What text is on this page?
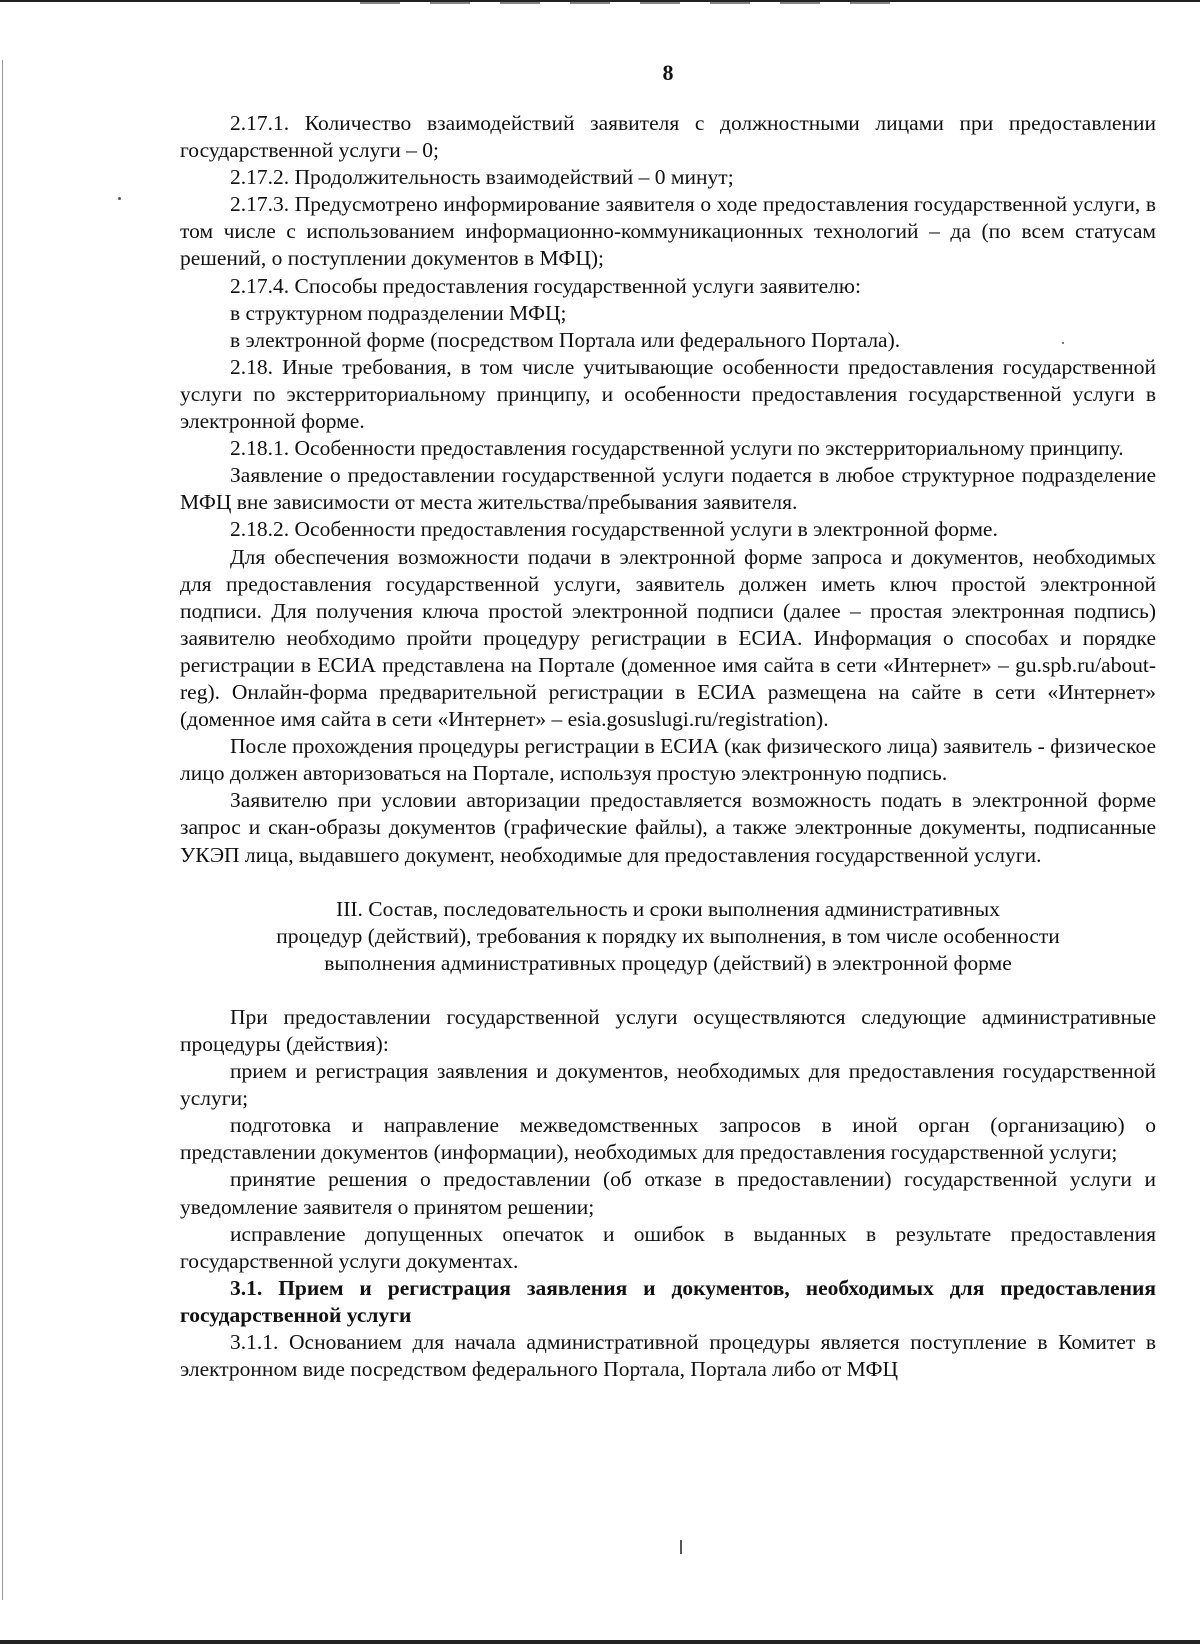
8

2.17.1. Количество взаимодействий заявителя с должностными лицами при предоставлении государственной услуги – 0;

2.17.2. Продолжительность взаимодействий – 0 минут;

2.17.3. Предусмотрено информирование заявителя о ходе предоставления государственной услуги, в том числе с использованием информационно-коммуникационных технологий – да (по всем статусам решений, о поступлении документов в МФЦ);

2.17.4. Способы предоставления государственной услуги заявителю:

в структурном подразделении МФЦ;

в электронной форме (посредством Портала или федерального Портала).

2.18. Иные требования, в том числе учитывающие особенности предоставления государственной услуги по экстерриториальному принципу, и особенности предоставления государственной услуги в электронной форме.

2.18.1. Особенности предоставления государственной услуги по экстерриториальному принципу.

Заявление о предоставлении государственной услуги подается в любое структурное подразделение МФЦ вне зависимости от места жительства/пребывания заявителя.

2.18.2. Особенности предоставления государственной услуги в электронной форме.

Для обеспечения возможности подачи в электронной форме запроса и документов, необходимых для предоставления государственной услуги, заявитель должен иметь ключ простой электронной подписи. Для получения ключа простой электронной подписи (далее – простая электронная подпись) заявителю необходимо пройти процедуру регистрации в ЕСИА. Информация о способах и порядке регистрации в ЕСИА представлена на Портале (доменное имя сайта в сети «Интернет» – gu.spb.ru/about-reg). Онлайн-форма предварительной регистрации в ЕСИА размещена на сайте в сети «Интернет» (доменное имя сайта в сети «Интернет» – esia.gosuslugi.ru/registration).

После прохождения процедуры регистрации в ЕСИА (как физического лица) заявитель - физическое лицо должен авторизоваться на Портале, используя простую электронную подпись.

Заявителю при условии авторизации предоставляется возможность подать в электронной форме запрос и скан-образы документов (графические файлы), а также электронные документы, подписанные УКЭП лица, выдавшего документ, необходимые для предоставления государственной услуги.

III. Состав, последовательность и сроки выполнения административных
процедур (действий), требования к порядку их выполнения, в том числе особенности
выполнения административных процедур (действий) в электронной форме

При предоставлении государственной услуги осуществляются следующие административные процедуры (действия):

прием и регистрация заявления и документов, необходимых для предоставления государственной услуги;

подготовка и направление межведомственных запросов в иной орган (организацию) о представлении документов (информации), необходимых для предоставления государственной услуги;

принятие решения о предоставлении (об отказе в предоставлении) государственной услуги и уведомление заявителя о принятом решении;

исправление допущенных опечаток и ошибок в выданных в результате предоставления государственной услуги документах.

3.1. Прием и регистрация заявления и документов, необходимых для предоставления государственной услуги

3.1.1. Основанием для начала административной процедуры является поступление в Комитет в электронном виде посредством федерального Портала, Портала либо от МФЦ
